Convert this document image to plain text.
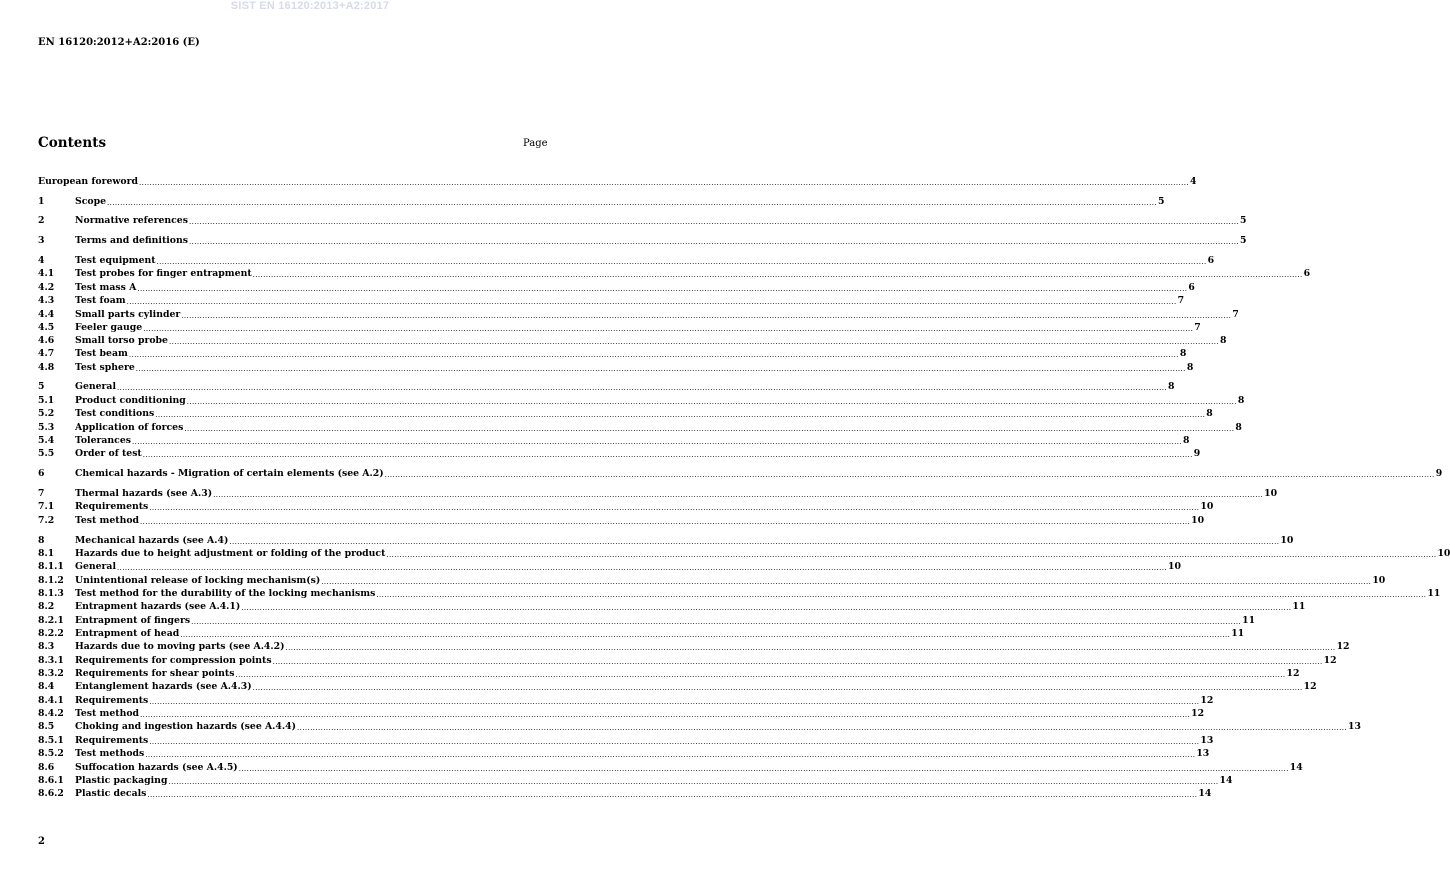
SIST EN 16120:2013+A2:2017
EN 16120:2012+A2:2016 (E)
Contents	Page
European foreword ................................................................................................................................................................................................................................................................................................................................................................................................................ 4
1	Scope ................................................................................................................................................................................................................................................................................................................................................................................................................ 5
2	Normative references ................................................................................................................................................................................................................................................................................................................................................................................................................ 5
3	Terms and definitions ................................................................................................................................................................................................................................................................................................................................................................................................................ 5
4	Test equipment ................................................................................................................................................................................................................................................................................................................................................................................................................ 6
4.1	Test probes for finger entrapment ................................................................................................................................................................................................................................................................................................................................................................................................................ 6
4.2	Test mass A ................................................................................................................................................................................................................................................................................................................................................................................................................ 6
4.3	Test foam ................................................................................................................................................................................................................................................................................................................................................................................................................ 7
4.4	Small parts cylinder ................................................................................................................................................................................................................................................................................................................................................................................................................ 7
4.5	Feeler gauge ................................................................................................................................................................................................................................................................................................................................................................................................................ 7
4.6	Small torso probe ................................................................................................................................................................................................................................................................................................................................................................................................................ 8
4.7	Test beam ................................................................................................................................................................................................................................................................................................................................................................................................................ 8
4.8	Test sphere ................................................................................................................................................................................................................................................................................................................................................................................................................ 8
5	General ................................................................................................................................................................................................................................................................................................................................................................................................................ 8
5.1	Product conditioning ................................................................................................................................................................................................................................................................................................................................................................................................................ 8
5.2	Test conditions ................................................................................................................................................................................................................................................................................................................................................................................................................ 8
5.3	Application of forces ................................................................................................................................................................................................................................................................................................................................................................................................................ 8
5.4	Tolerances ................................................................................................................................................................................................................................................................................................................................................................................................................ 8
5.5	Order of test ................................................................................................................................................................................................................................................................................................................................................................................................................ 9
6	Chemical hazards - Migration of certain elements (see A.2) ................................................................................................................................................................................................................................................................................................................................................................................................................ 9
7	Thermal hazards (see A.3) ................................................................................................................................................................................................................................................................................................................................................................................................................ 10
7.1	Requirements ................................................................................................................................................................................................................................................................................................................................................................................................................ 10
7.2	Test method ................................................................................................................................................................................................................................................................................................................................................................................................................ 10
8	Mechanical hazards (see A.4) ................................................................................................................................................................................................................................................................................................................................................................................................................ 10
8.1	Hazards due to height adjustment or folding of the product ................................................................................................................................................................................................................................................................................................................................................................................................................ 10
8.1.1	General ................................................................................................................................................................................................................................................................................................................................................................................................................ 10
8.1.2	Unintentional release of locking mechanism(s) ................................................................................................................................................................................................................................................................................................................................................................................................................ 10
8.1.3	Test method for the durability of the locking mechanisms ................................................................................................................................................................................................................................................................................................................................................................................................................ 11
8.2	Entrapment hazards (see A.4.1) ................................................................................................................................................................................................................................................................................................................................................................................................................ 11
8.2.1	Entrapment of fingers ................................................................................................................................................................................................................................................................................................................................................................................................................ 11
8.2.2	Entrapment of head ................................................................................................................................................................................................................................................................................................................................................................................................................ 11
8.3	Hazards due to moving parts (see A.4.2) ................................................................................................................................................................................................................................................................................................................................................................................................................ 12
8.3.1	Requirements for compression points ................................................................................................................................................................................................................................................................................................................................................................................................................ 12
8.3.2	Requirements for shear points ................................................................................................................................................................................................................................................................................................................................................................................................................ 12
8.4	Entanglement hazards (see A.4.3) ................................................................................................................................................................................................................................................................................................................................................................................................................ 12
8.4.1	Requirements ................................................................................................................................................................................................................................................................................................................................................................................................................ 12
8.4.2	Test method ................................................................................................................................................................................................................................................................................................................................................................................................................ 12
8.5	Choking and ingestion hazards (see A.4.4) ................................................................................................................................................................................................................................................................................................................................................................................................................ 13
8.5.1	Requirements ................................................................................................................................................................................................................................................................................................................................................................................................................ 13
8.5.2	Test methods ................................................................................................................................................................................................................................................................................................................................................................................................................ 13
8.6	Suffocation hazards (see A.4.5) ................................................................................................................................................................................................................................................................................................................................................................................................................ 14
8.6.1	Plastic packaging ................................................................................................................................................................................................................................................................................................................................................................................................................ 14
8.6.2	Plastic decals ................................................................................................................................................................................................................................................................................................................................................................................................................ 14
2
